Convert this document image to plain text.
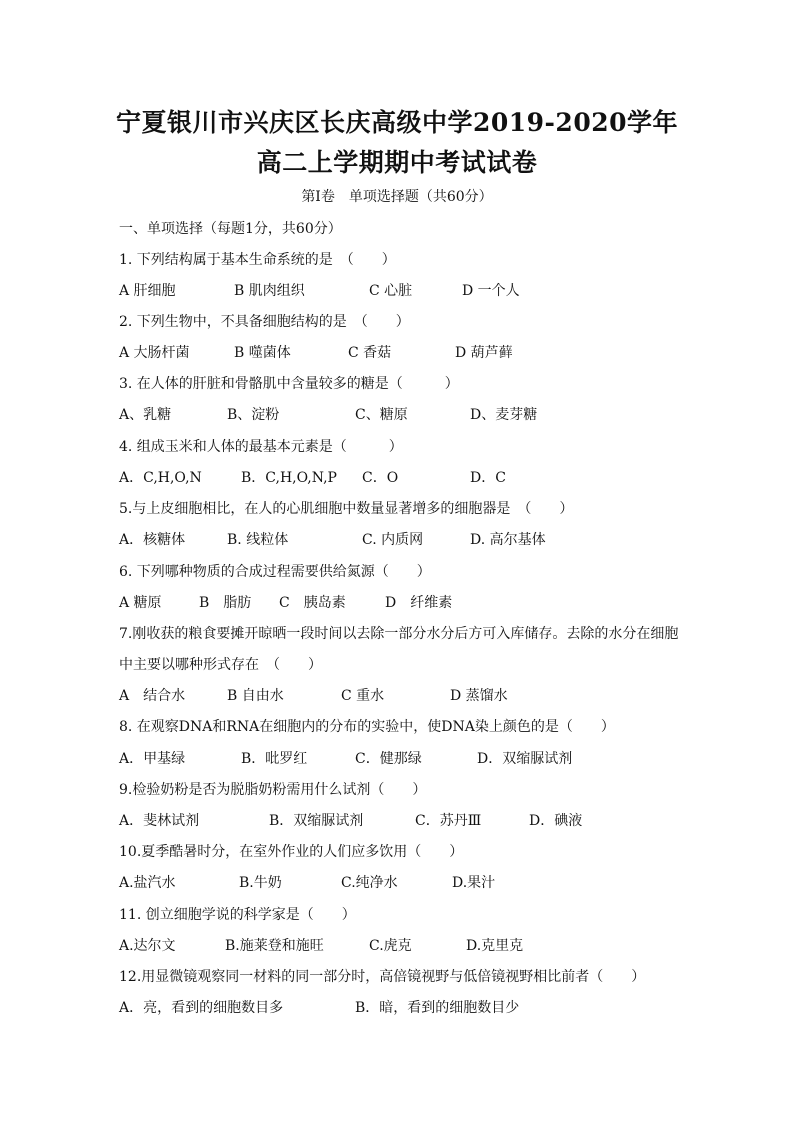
宁夏银川市兴庆区长庆高级中学2019-2020学年
高二上学期期中考试试卷
第Ⅰ卷　单项选择题（共60分）
一、单项选择（每题1分，共60分）
1. 下列结构属于基本生命系统的是　（　　）
A 肝细胞	B 肌肉组织	C 心脏	D 一个人
2. 下列生物中，不具备细胞结构的是　（　　）
A 大肠杆菌	B 噬菌体	C 香菇	D 葫芦藓
3. 在人体的肝脏和骨骼肌中含量较多的糖是（　　　）
A、乳糖	B、淀粉	C、糖原	D、麦芽糖
4. 组成玉米和人体的最基本元素是（　　　）
A．C,H,O,N	B．C,H,O,N,P C．O	D．C
5.与上皮细胞相比，在人的心肌细胞中数量显著增多的细胞器是　（　　）
A．核糖体	B. 线粒体	C. 内质网	D. 高尔基体
6. 下列哪种物质的合成过程需要供给氮源（　　）
A 糖原	B　脂肪 C　胰岛素	D　纤维素
7.刚收获的粮食要摊开晾晒一段时间以去除一部分水分后方可入库储存。去除的水分在细胞
中主要以哪种形式存在　（　　）
A　结合水	B 自由水	C 重水	D 蒸馏水
8. 在观察DNA和RNA在细胞内的分布的实验中，使DNA染上颜色的是（　　）
A．甲基绿	B．吡罗红	C．健那绿	D．双缩脲试剂
9.检验奶粉是否为脱脂奶粉需用什么试剂（　　）
A．斐林试剂	B．双缩脲试剂	C．苏丹Ⅲ	D．碘液
10.夏季酷暑时分，在室外作业的人们应多饮用（　　）
A.盐汽水	B.牛奶	C.纯净水	D.果汁
11. 创立细胞学说的科学家是（　　）
A.达尔文	B.施莱登和施旺	C.虎克	D.克里克
12.用显微镜观察同一材料的同一部分时，高倍镜视野与低倍镜视野相比前者（　　）
A．亮，看到的细胞数目多	B．暗，看到的细胞数目少
